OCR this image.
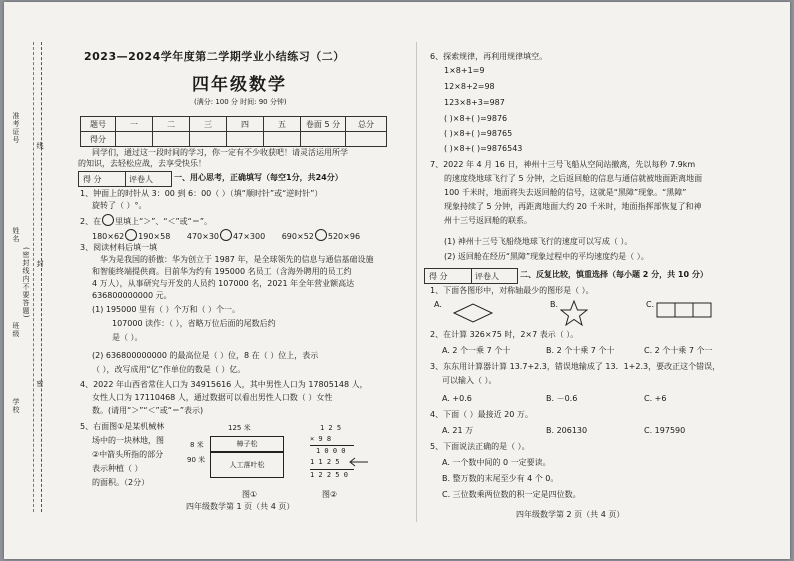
准考证号
线
姓名
封
(密封线内不要答题)
班级
密
学校
2023—2024学年度第二学期学业小结练习（二）
四年级数学
(满分: 100 分 时间: 90 分钟)
题号	一	二	三	四	五	卷面 5 分	总分
得分							
同学们，通过这一段时间的学习，你一定有不少收获吧！请灵活运用所学
的知识，去轻松应战，去享受快乐！
得 分	评卷人	一、用心思考，正确填写（每空1分，共24分）
1、钟面上的时针从 3：00 到 6：00（ ）（填“顺时针”或“逆时针”）
旋转了（ ）°。
2、在 里填上“＞”、“＜”或“＝”。
180×62 190×58 470×30 47×300 690×52 520×96
3、阅读材料后填一填
华为是我国的骄傲：华为创立于 1987 年，是全球领先的信息与通信基础设施
和智能终端提供商。目前华为约有 195000 名员工（含海外聘用的员工约
4 万人），从事研究与开发的人员约 107000 名，2021 年全年营业额高达
636800000000 元。
(1) 195000 里有（ ）个万和（ ）个一。
107000 读作：（ ），省略万位后面的尾数后约
是（ ）。
(2) 636800000000 的最高位是（ ）位，8 在（ ）位上，表示
（ ），改写成用“亿”作单位的数是（ ）亿。
4、2022 年山西省常住人口为 34915616 人，其中男性人口为 17805148 人，
女性人口为 17110468 人，通过数据可以看出男性人口数（ ）女性
数。(请用“＞”“＜”或“＝”表示)
5、右面图①是某机械林
场中的一块林地，图
②中箭头所指的部分
表示种植（ ）
的面积。（2分）
125 米
8 米
90 米
樟子松
人工落叶松
图①
1 2 5
× 9 8
1 0 0 0
1 1 2 5
1 2 2 5 0
图②
四年级数学第 1 页（共 4 页）
6、探索规律，再利用规律填空。
1×8+1=9
12×8+2=98
123×8+3=987
( )×8+( )=9876
( )×8+( )=98765
( )×8+( )=9876543
7、2022 年 4 月 16 日，神州十三号飞船从空间站撤离，先以每秒 7.9km
的速度绕地球飞行了 5 分钟，之后返回舱的信息与通信就被地面距离地面
100 千米时，地面将失去返回舱的信号，这就是“黑障”现象。“黑障”
现象持续了 5 分钟，再距离地面大约 20 千米时，地面指挥部恢复了和神
州十三号返回舱的联系。
(1) 神州十三号飞船绕地球飞行的速度可以写成（ ）。
(2) 返回舱在经历“黑障”现象过程中的平均速度约是（ ）。
得 分	评卷人	二、反复比较，慎重选择（每小题 2 分，共 10 分）
1、下面各图形中，对称轴最少的图形是（ ）。
A.	B.	C.
2、在计算 326×75 时，2×7 表示（ ）。
A. 2 个一乘 7 个十	B. 2 个十乘 7 个十	C. 2 个十乘 7 个一
3、东东用计算器计算 13.7+2.3，错误地输成了 13．1+2.3，要改正这个错误，
可以输入（ ）。
A. +0.6	B. －0.6	C. +6
4、下面（ ）最接近 20 万。
A. 21 万	B. 206130	C. 197590
5、下面说法正确的是（ ）。
A. 一个数中间的 0 一定要读。
B. 整万数的末尾至少有 4 个 0。
C. 三位数乘两位数的积一定是四位数。
四年级数学第 2 页（共 4 页）
